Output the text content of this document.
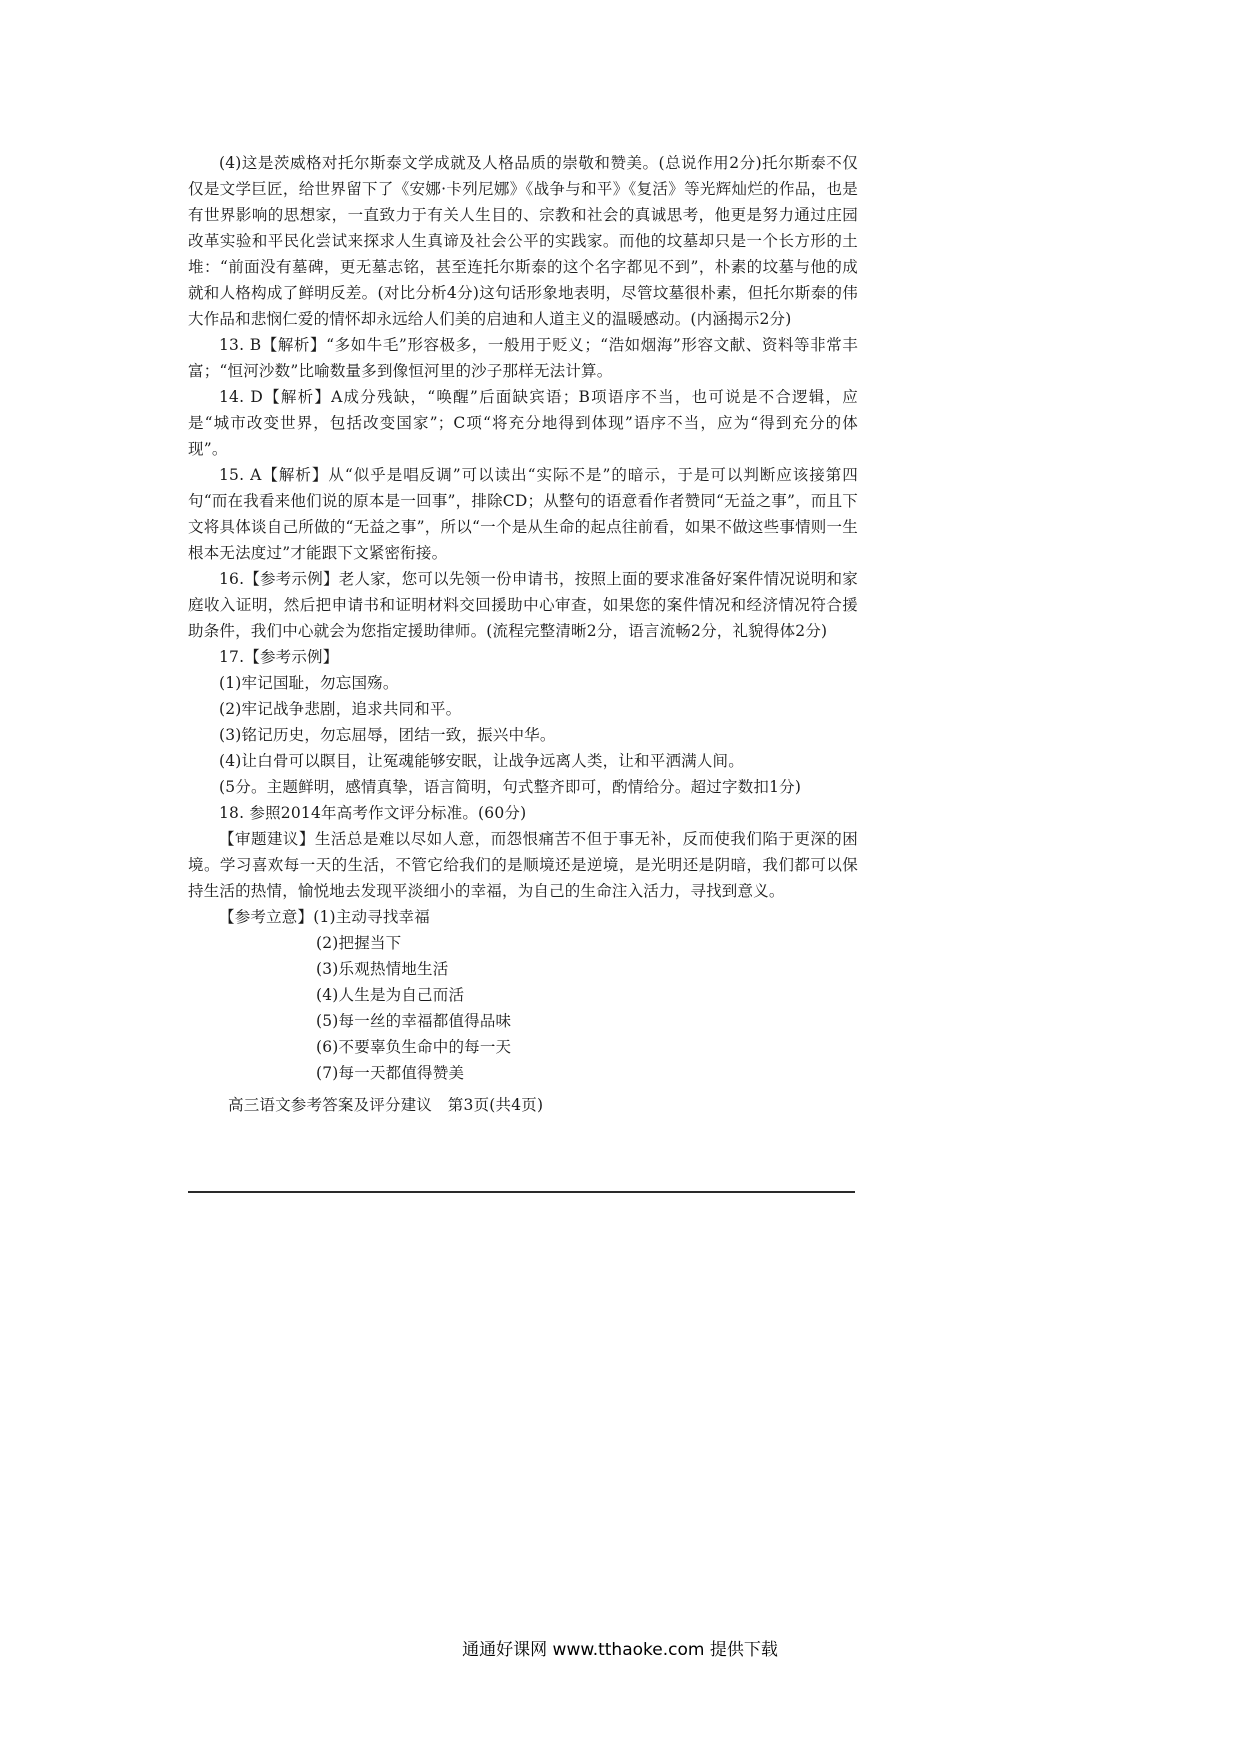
(4)这是茨威格对托尔斯泰文学成就及人格品质的崇敬和赞美。(总说作用2分)托尔斯泰不仅仅是文学巨匠，给世界留下了《安娜·卡列尼娜》《战争与和平》《复活》等光辉灿烂的作品，也是有世界影响的思想家，一直致力于有关人生目的、宗教和社会的真诚思考，他更是努力通过庄园改革实验和平民化尝试来探求人生真谛及社会公平的实践家。而他的坟墓却只是一个长方形的土堆：“前面没有墓碑，更无墓志铭，甚至连托尔斯泰的这个名字都见不到”，朴素的坟墓与他的成就和人格构成了鲜明反差。(对比分析4分)这句话形象地表明，尽管坟墓很朴素，但托尔斯泰的伟大作品和悲悯仁爱的情怀却永远给人们美的启迪和人道主义的温暖感动。(内涵揭示2分)

13. B【解析】“多如牛毛”形容极多，一般用于贬义；“浩如烟海”形容文献、资料等非常丰富；“恒河沙数”比喻数量多到像恒河里的沙子那样无法计算。

14. D【解析】A成分残缺，“唤醒”后面缺宾语；B项语序不当，也可说是不合逻辑，应是“城市改变世界，包括改变国家”；C项“将充分地得到体现”语序不当，应为“得到充分的体现”。

15. A【解析】从“似乎是唱反调”可以读出“实际不是”的暗示，于是可以判断应该接第四句“而在我看来他们说的原本是一回事”，排除CD；从整句的语意看作者赞同“无益之事”，而且下文将具体谈自己所做的“无益之事”，所以“一个是从生命的起点往前看，如果不做这些事情则一生根本无法度过”才能跟下文紧密衔接。

16.【参考示例】老人家，您可以先领一份申请书，按照上面的要求准备好案件情况说明和家庭收入证明，然后把申请书和证明材料交回援助中心审查，如果您的案件情况和经济情况符合援助条件，我们中心就会为您指定援助律师。(流程完整清晰2分，语言流畅2分，礼貌得体2分)

17.【参考示例】

(1)牢记国耻，勿忘国殇。

(2)牢记战争悲剧，追求共同和平。

(3)铭记历史，勿忘屈辱，团结一致，振兴中华。

(4)让白骨可以瞑目，让冤魂能够安眠，让战争远离人类，让和平洒满人间。

(5分。主题鲜明，感情真挚，语言简明，句式整齐即可，酌情给分。超过字数扣1分)

18. 参照2014年高考作文评分标准。(60分)

【审题建议】生活总是难以尽如人意，而怨恨痛苦不但于事无补，反而使我们陷于更深的困境。学习喜欢每一天的生活，不管它给我们的是顺境还是逆境，是光明还是阴暗，我们都可以保持生活的热情，愉悦地去发现平淡细小的幸福，为自己的生命注入活力，寻找到意义。

【参考立意】(1)主动寻找幸福

(2)把握当下

(3)乐观热情地生活

(4)人生是为自己而活

(5)每一丝的幸福都值得品味

(6)不要辜负生命中的每一天

(7)每一天都值得赞美

高三语文参考答案及评分建议　第3页(共4页)

通通好课网 www.tthaoke.com 提供下载
